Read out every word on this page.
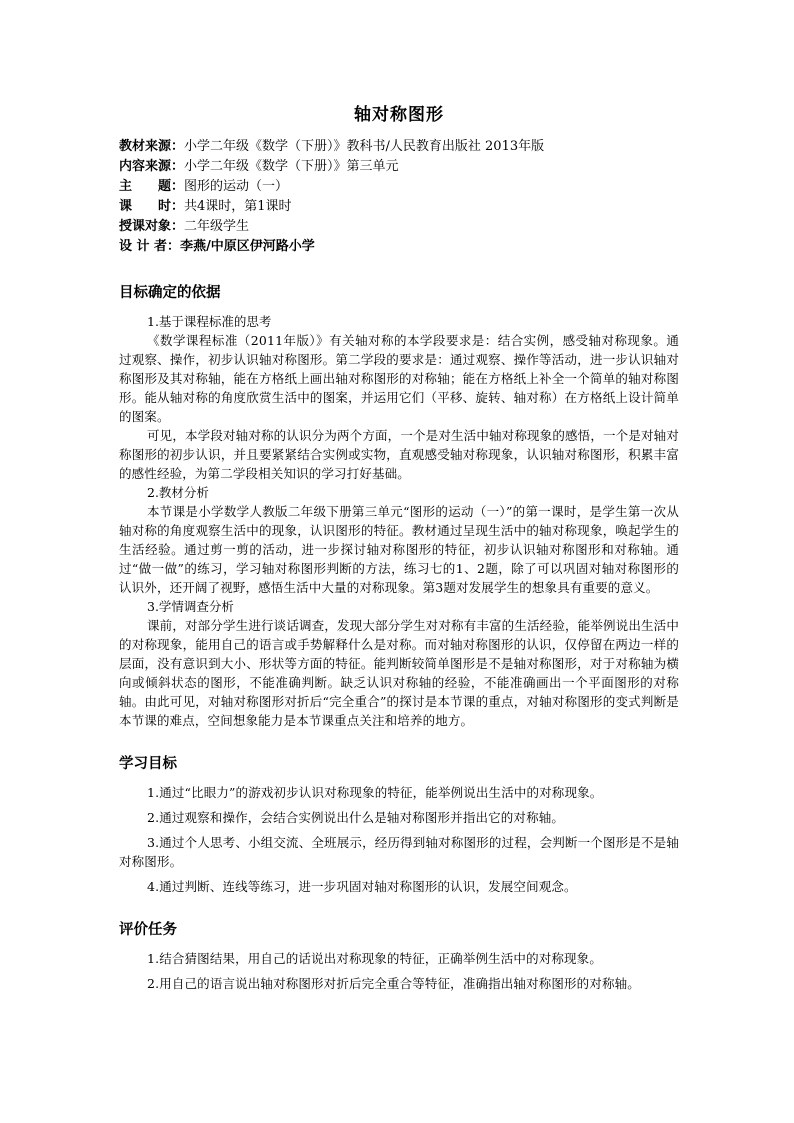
轴对称图形
教材来源：小学二年级《数学（下册）》教科书/人民教育出版社 2013年版
内容来源：小学二年级《数学（下册）》第三单元
主　　题：图形的运动（一）
课　　时：共4课时，第1课时
授课对象：二年级学生
设 计 者：李燕/中原区伊河路小学
目标确定的依据
1.基于课程标准的思考

《数学课程标准（2011年版）》有关轴对称的本学段要求是：结合实例，感受轴对称现象。通过观察、操作，初步认识轴对称图形。第二学段的要求是：通过观察、操作等活动，进一步认识轴对称图形及其对称轴，能在方格纸上画出轴对称图形的对称轴；能在方格纸上补全一个简单的轴对称图形。能从轴对称的角度欣赏生活中的图案，并运用它们（平移、旋转、轴对称）在方格纸上设计简单的图案。

可见，本学段对轴对称的认识分为两个方面，一个是对生活中轴对称现象的感悟，一个是对轴对称图形的初步认识，并且要紧紧结合实例或实物，直观感受轴对称现象，认识轴对称图形，积累丰富的感性经验，为第二学段相关知识的学习打好基础。

2.教材分析

本节课是小学数学人教版二年级下册第三单元“图形的运动（一）”的第一课时，是学生第一次从轴对称的角度观察生活中的现象，认识图形的特征。教材通过呈现生活中的轴对称现象，唤起学生的生活经验。通过剪一剪的活动，进一步探讨轴对称图形的特征，初步认识轴对称图形和对称轴。通过“做一做”的练习，学习轴对称图形判断的方法，练习七的1、2题，除了可以巩固对轴对称图形的认识外，还开阔了视野，感悟生活中大量的对称现象。第3题对发展学生的想象具有重要的意义。

3.学情调查分析

课前，对部分学生进行谈话调查，发现大部分学生对对称有丰富的生活经验，能举例说出生活中的对称现象，能用自己的语言或手势解释什么是对称。而对轴对称图形的认识，仅停留在两边一样的层面，没有意识到大小、形状等方面的特征。能判断较简单图形是不是轴对称图形，对于对称轴为横向或倾斜状态的图形，不能准确判断。缺乏认识对称轴的经验，不能准确画出一个平面图形的对称轴。由此可见，对轴对称图形对折后“完全重合”的探讨是本节课的重点，对轴对称图形的变式判断是本节课的难点，空间想象能力是本节课重点关注和培养的地方。

学习目标

1.通过“比眼力”的游戏初步认识对称现象的特征，能举例说出生活中的对称现象。

2.通过观察和操作，会结合实例说出什么是轴对称图形并指出它的对称轴。

3.通过个人思考、小组交流、全班展示，经历得到轴对称图形的过程，会判断一个图形是不是轴对称图形。

4.通过判断、连线等练习，进一步巩固对轴对称图形的认识，发展空间观念。

评价任务

1.结合猜图结果，用自己的话说出对称现象的特征，正确举例生活中的对称现象。

2.用自己的语言说出轴对称图形对折后完全重合等特征，准确指出轴对称图形的对称轴。
